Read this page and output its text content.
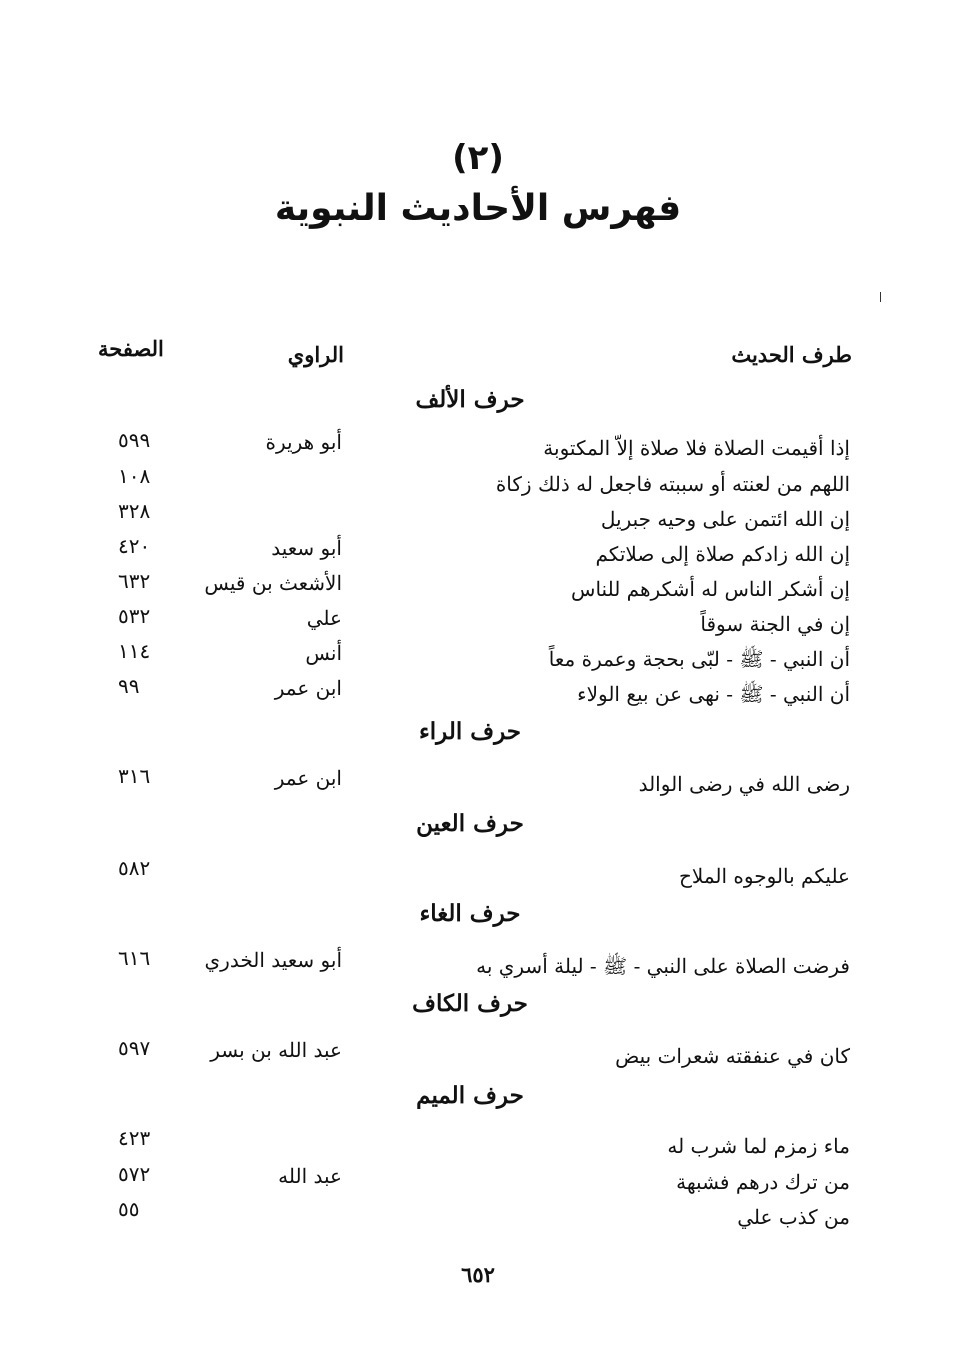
(٢)
فهرس الأحاديث النبوية
طرف الحديث
الراوي
الصفحة
حرف الألف
إذا أقيمت الصلاة فلا صلاة إلاّ المكتوبة
أبو هريرة
٥٩٩
اللهم من لعنته أو سببته فاجعل له ذلك زكاة
١٠٨
إن الله ائتمن على وحيه جبريل
٣٢٨
إن الله زادكم صلاة إلى صلاتكم
أبو سعيد
٤٢٠
إن أشكر الناس له أشكرهم للناس
الأشعث بن قيس
٦٣٢
إن في الجنة سوقاً
علي
٥٣٢
أن النبي - ﷺ - لبّى بحجة وعمرة معاً
أنس
١١٤
أن النبي - ﷺ - نهى عن بيع الولاء
ابن عمر
٩٩
حرف الراء
رضى الله في رضى الوالد
ابن عمر
٣١٦
حرف العين
عليكم بالوجوه الملاح
٥٨٢
حرف الغاء
فرضت الصلاة على النبي - ﷺ - ليلة أسري به
أبو سعيد الخدري
٦١٦
حرف الكاف
كان في عنفقته شعرات بيض
عبد الله بن بسر
٥٩٧
حرف الميم
ماء زمزم لما شرب له
٤٢٣
من ترك درهم فشبهة
عبد الله
٥٧٢
من كذب علي
٥٥
٦٥٢
